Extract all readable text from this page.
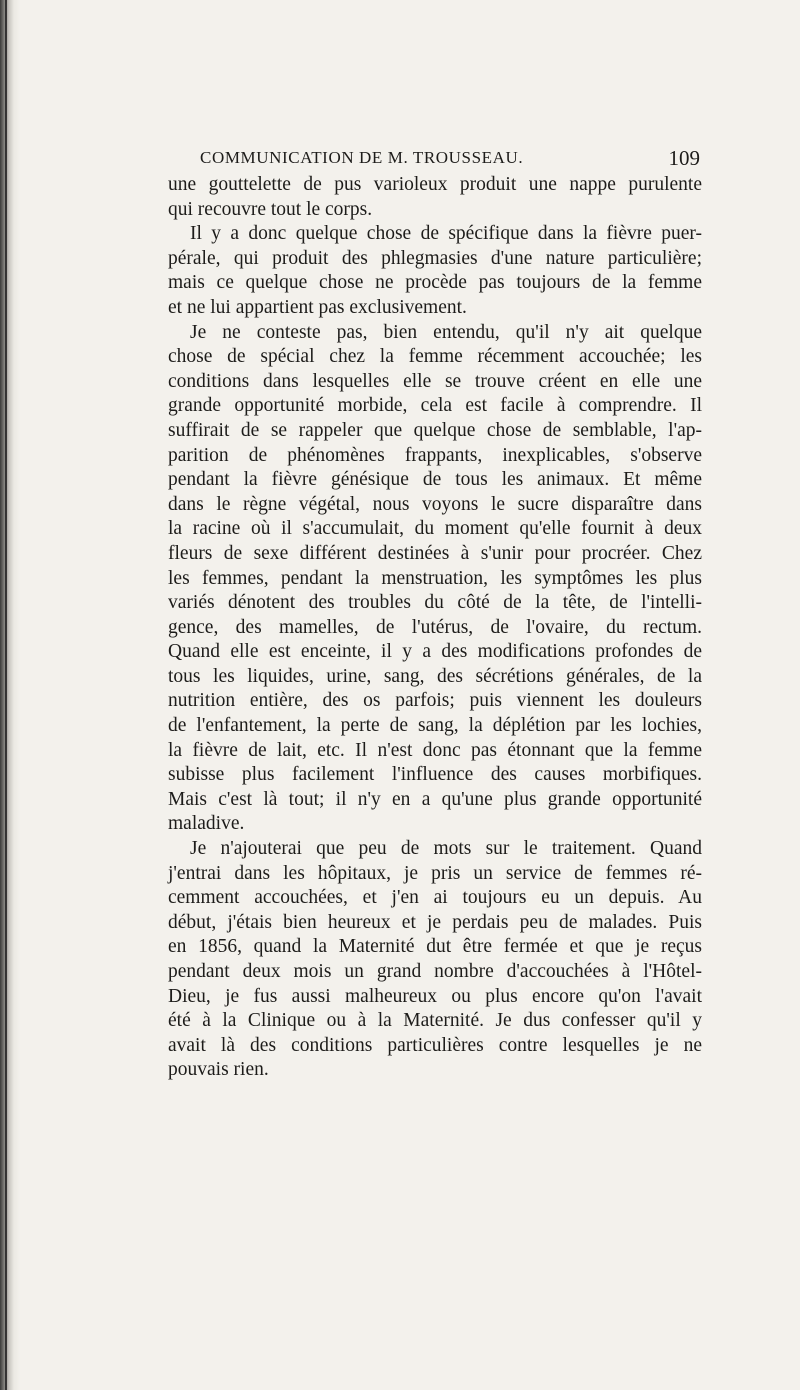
COMMUNICATION DE M. TROUSSEAU.	109
une gouttelette de pus varioleux produit une nappe purulente
qui recouvre tout le corps.
Il y a donc quelque chose de spécifique dans la fièvre puer-
pérale, qui produit des phlegmasies d'une nature particulière;
mais ce quelque chose ne procède pas toujours de la femme
et ne lui appartient pas exclusivement.
Je ne conteste pas, bien entendu, qu'il n'y ait quelque
chose de spécial chez la femme récemment accouchée; les
conditions dans lesquelles elle se trouve créent en elle une
grande opportunité morbide, cela est facile à comprendre. Il
suffirait de se rappeler que quelque chose de semblable, l'ap-
parition de phénomènes frappants, inexplicables, s'observe
pendant la fièvre génésique de tous les animaux. Et même
dans le règne végétal, nous voyons le sucre disparaître dans
la racine où il s'accumulait, du moment qu'elle fournit à deux
fleurs de sexe différent destinées à s'unir pour procréer. Chez
les femmes, pendant la menstruation, les symptômes les plus
variés dénotent des troubles du côté de la tête, de l'intelli-
gence, des mamelles, de l'utérus, de l'ovaire, du rectum.
Quand elle est enceinte, il y a des modifications profondes de
tous les liquides, urine, sang, des sécrétions générales, de la
nutrition entière, des os parfois; puis viennent les douleurs
de l'enfantement, la perte de sang, la déplétion par les lochies,
la fièvre de lait, etc. Il n'est donc pas étonnant que la femme
subisse plus facilement l'influence des causes morbifiques.
Mais c'est là tout; il n'y en a qu'une plus grande opportunité
maladive.
Je n'ajouterai que peu de mots sur le traitement. Quand
j'entrai dans les hôpitaux, je pris un service de femmes ré-
cemment accouchées, et j'en ai toujours eu un depuis. Au
début, j'étais bien heureux et je perdais peu de malades. Puis
en 1856, quand la Maternité dut être fermée et que je reçus
pendant deux mois un grand nombre d'accouchées à l'Hôtel-
Dieu, je fus aussi malheureux ou plus encore qu'on l'avait
été à la Clinique ou à la Maternité. Je dus confesser qu'il y
avait là des conditions particulières contre lesquelles je ne
pouvais rien.
